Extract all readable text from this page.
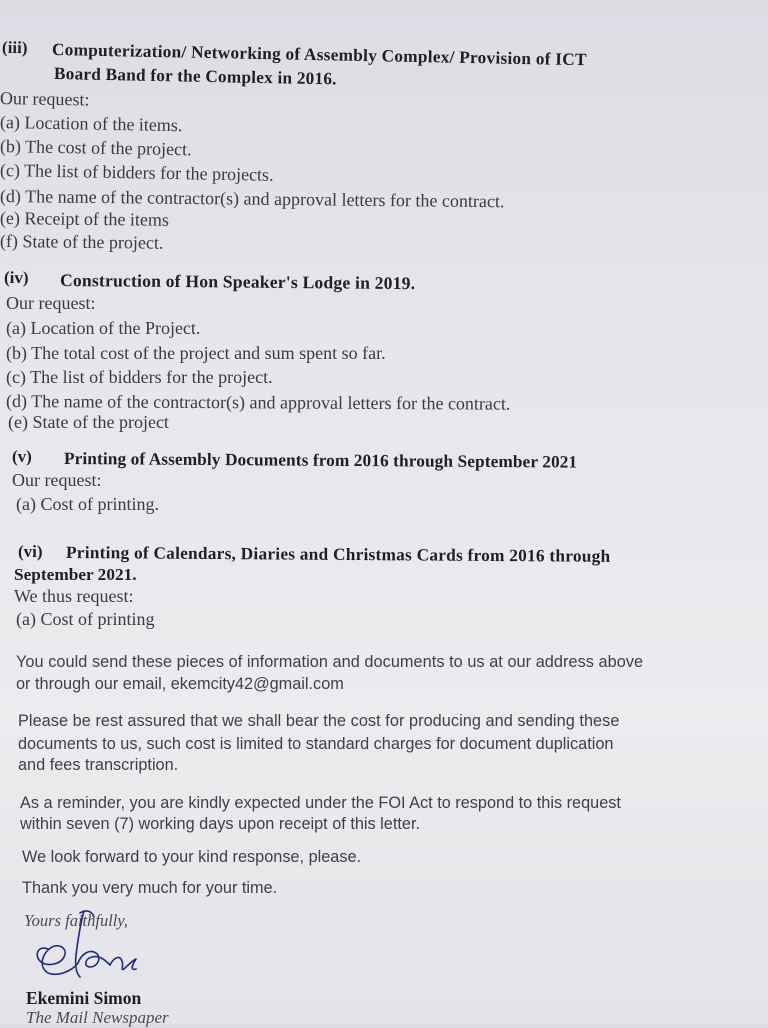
(iii) Computerization/ Networking of Assembly Complex/ Provision of ICT
Board Band for the Complex in 2016.
Our request:
(a) Location of the items.
(b) The cost of the project.
(c) The list of bidders for the projects.
(d) The name of the contractor(s) and approval letters for the contract.
(e) Receipt of the items
(f) State of the project.
(iv) Construction of Hon Speaker's Lodge in 2019.
Our request:
(a) Location of the Project.
(b) The total cost of the project and sum spent so far.
(c) The list of bidders for the project.
(d) The name of the contractor(s) and approval letters for the contract.
(e) State of the project
(v) Printing of Assembly Documents from 2016 through September 2021
Our request:
(a) Cost of printing.
(vi) Printing of Calendars, Diaries and Christmas Cards from 2016 through
September 2021.
We thus request:
(a) Cost of printing
You could send these pieces of information and documents to us at our address above
or through our email, ekemcity42@gmail.com
Please be rest assured that we shall bear the cost for producing and sending these
documents to us, such cost is limited to standard charges for document duplication
and fees transcription.
As a reminder, you are kindly expected under the FOI Act to respond to this request
within seven (7) working days upon receipt of this letter.
We look forward to your kind response, please.
Thank you very much for your time.
Yours faithfully,
Ekemini Simon
The Mail Newspaper
